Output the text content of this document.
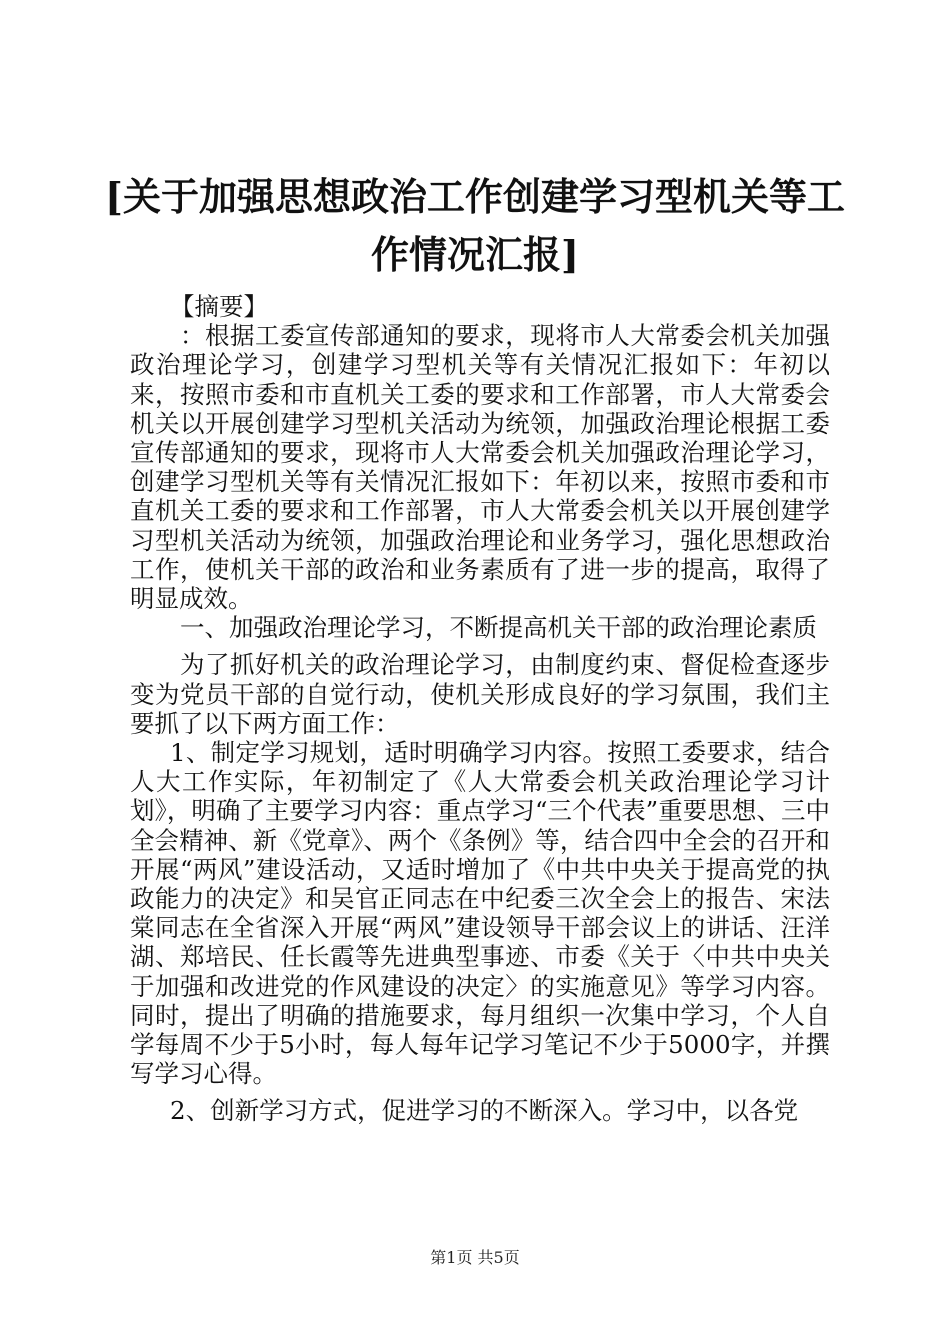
[关于加强思想政治工作创建学习型机关等工
作情况汇报]

【摘要】

：根据工委宣传部通知的要求，现将市人大常委会机关加强政治理论学习，创建学习型机关等有关情况汇报如下：年初以来，按照市委和市直机关工委的要求和工作部署，市人大常委会机关以开展创建学习型机关活动为统领，加强政治理论根据工委宣传部通知的要求，现将市人大常委会机关加强政治理论学习，创建学习型机关等有关情况汇报如下：年初以来，按照市委和市直机关工委的要求和工作部署，市人大常委会机关以开展创建学习型机关活动为统领，加强政治理论和业务学习，强化思想政治工作，使机关干部的政治和业务素质有了进一步的提高，取得了明显成效。

一、加强政治理论学习，不断提高机关干部的政治理论素质

为了抓好机关的政治理论学习，由制度约束、督促检查逐步变为党员干部的自觉行动，使机关形成良好的学习氛围，我们主要抓了以下两方面工作：

1、制定学习规划，适时明确学习内容。按照工委要求，结合人大工作实际，年初制定了《人大常委会机关政治理论学习计划》，明确了主要学习内容：重点学习“三个代表”重要思想、三中全会精神、新《党章》、两个《条例》等，结合四中全会的召开和开展“两风”建设活动，又适时增加了《中共中央关于提高党的执政能力的决定》和吴官正同志在中纪委三次全会上的报告、宋法棠同志在全省深入开展“两风”建设领导干部会议上的讲话、汪洋湖、郑培民、任长霞等先进典型事迹、市委《关于〈中共中央关于加强和改进党的作风建设的决定〉的实施意见》等学习内容。同时，提出了明确的措施要求，每月组织一次集中学习，个人自学每周不少于5小时，每人每年记学习笔记不少于5000字，并撰写学习心得。

2、创新学习方式，促进学习的不断深入。学习中，以各党

第1页 共5页
